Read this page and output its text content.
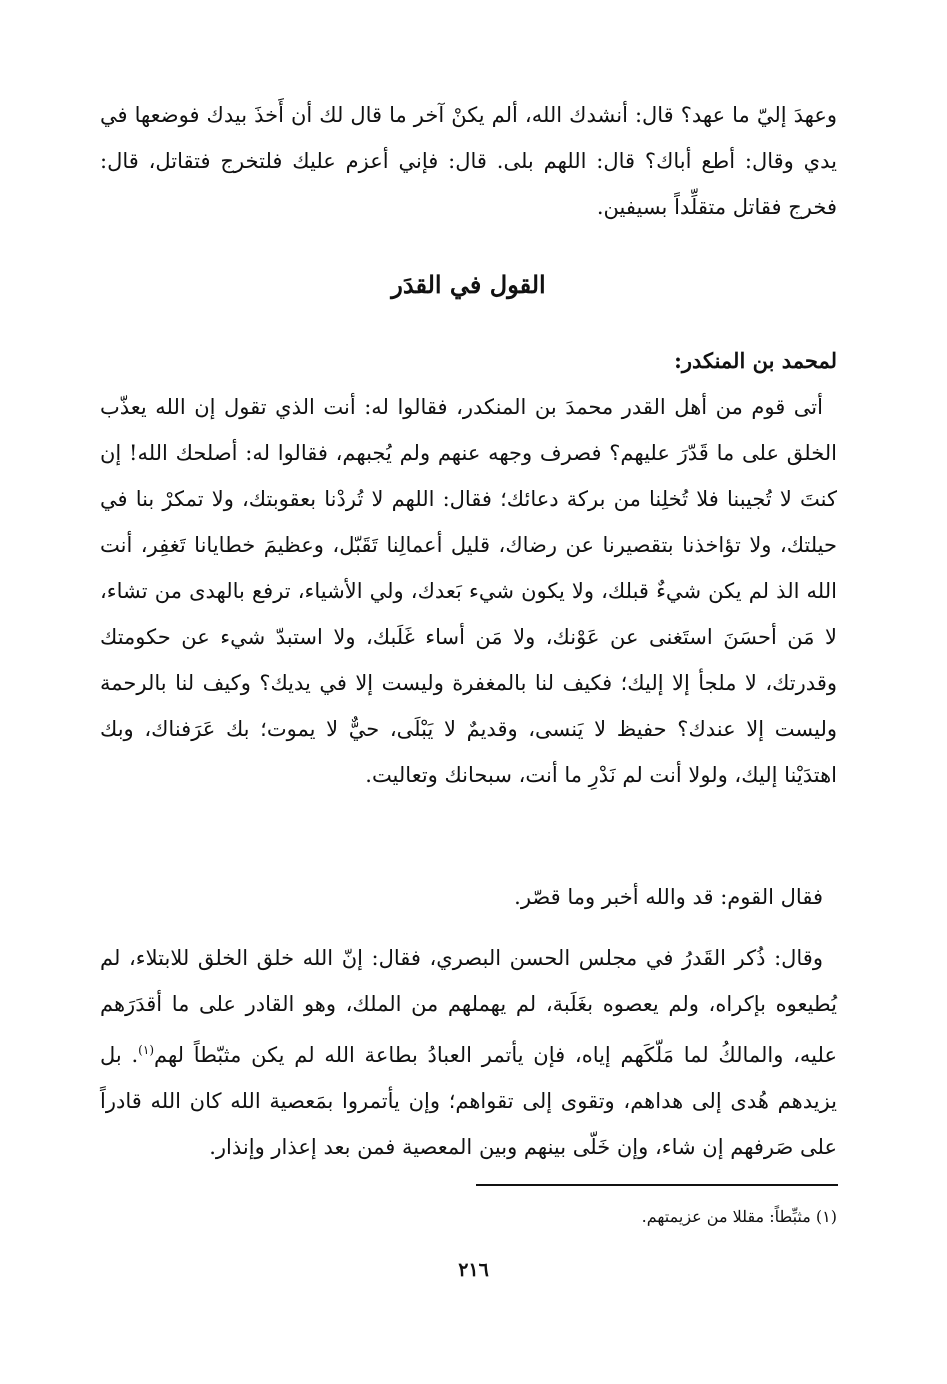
وعهدَ إليّ ما عهد؟ قال: أنشدك الله، ألم يكنْ آخر ما قال لك أن أَخذَ بيدك فوضعها في يدي وقال: أطع أباك؟ قال: اللهم بلى. قال: فإني أعزم عليك فلتخرج فتقاتل، قال: فخرج فقاتل متقلِّداً بسيفين.

القول في القدَر

لمحمد بن المنكدر:

أتى قوم من أهل القدر محمدَ بن المنكدر، فقالوا له: أنت الذي تقول إن الله يعذّب الخلق على ما قَدّرَ عليهم؟ فصرف وجهه عنهم ولم يُجبهم، فقالوا له: أصلحك الله! إن كنتَ لا تُجيبنا فلا تُخلِنا من بركة دعائك؛ فقال: اللهم لا تُردْنا بعقوبتك، ولا تمكرْ بنا في حيلتك، ولا تؤاخذنا بتقصيرنا عن رضاك، قليل أعمالِنا تَقَبّل، وعظيمَ خطايانا تَغفِر، أنت الله الذ لم يكن شيءٌ قبلك، ولا يكون شيء بَعدك، ولي الأشياء، ترفع بالهدى من تشاء، لا مَن أحسَنَ استَغنى عن عَوْنك، ولا مَن أساء غَلَبك، ولا استبدّ شيء عن حكومتك وقدرتك، لا ملجأ إلا إليك؛ فكيف لنا بالمغفرة وليست إلا في يديك؟ وكيف لنا بالرحمة وليست إلا عندك؟ حفيظ لا يَنسى، وقديمٌ لا يَبْلَى، حيٌّ لا يموت؛ بك عَرَفناك، وبك اهتدَيْنا إليك، ولولا أنت لم نَدْرِ ما أنت، سبحانك وتعاليت.

فقال القوم: قد والله أخبر وما قصّر.

وقال: ذُكر القَدرُ في مجلس الحسن البصري، فقال: إنّ الله خلق الخلق للابتلاء، لم يُطيعوه بإكراه، ولم يعصوه بغَلَبة، لم يهملهم من الملك، وهو القادر على ما أقدَرَهم عليه، والمالكُ لما مَلّكَهم إياه، فإن يأتمر العبادُ بطاعة الله لم يكن مثبّطاً لهم$^{(١)}$. بل يزيدهم هُدى إلى هداهم، وتقوى إلى تقواهم؛ وإن يأتمروا بمَعصية الله كان الله قادراً على صَرفهم إن شاء، وإن خَلّى بينهم وبين المعصية فمن بعد إعذار وإنذار.

(١) مثبِّطاً: مقللا من عزيمتهم.
٢١٦
